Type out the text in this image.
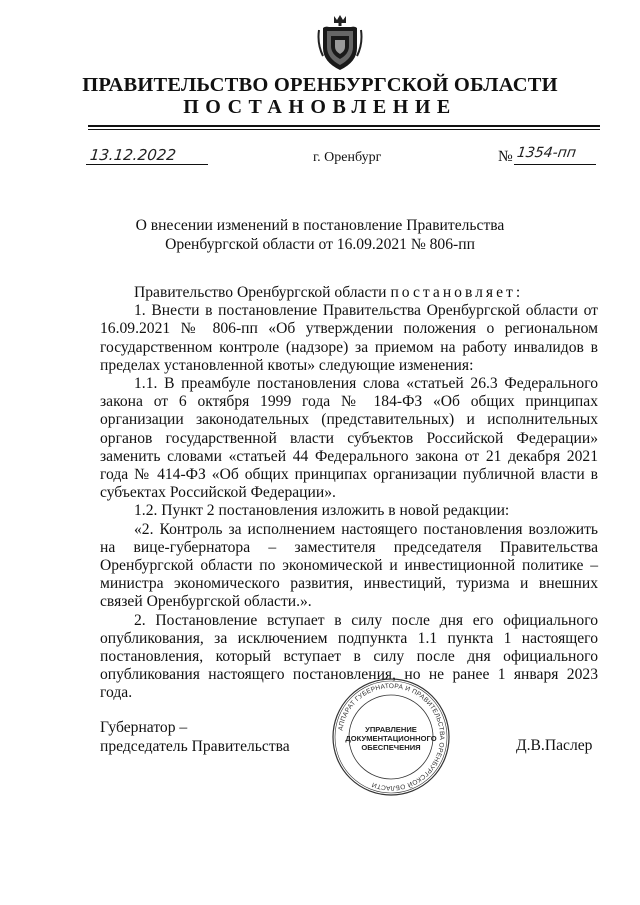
ПРАВИТЕЛЬСТВО ОРЕНБУРГСКОЙ ОБЛАСТИ
ПОСТАНОВЛЕНИЕ
13.12.2022	г. Оренбург	№ 1354-пп
О внесении изменений в постановление Правительства
Оренбургской области от 16.09.2021 № 806-пп

Правительство Оренбургской области постановляет:

1. Внести в постановление Правительства Оренбургской области от 16.09.2021 № 806-пп «Об утверждении положения о региональном государственном контроле (надзоре) за приемом на работу инвалидов в пределах установленной квоты» следующие изменения:

1.1. В преамбуле постановления слова «статьей 26.3 Федерального закона от 6 октября 1999 года № 184-ФЗ «Об общих принципах организации законодательных (представительных) и исполнительных органов государственной власти субъектов Российской Федерации» заменить словами «статьей 44 Федерального закона от 21 декабря 2021 года № 414-ФЗ «Об общих принципах организации публичной власти в субъектах Российской Федерации».

1.2. Пункт 2 постановления изложить в новой редакции:

«2. Контроль за исполнением настоящего постановления возложить на вице-губернатора – заместителя председателя Правительства Оренбургской области по экономической и инвестиционной политике – министра экономического развития, инвестиций, туризма и внешних связей Оренбургской области.».

2. Постановление вступает в силу после дня его официального опубликования, за исключением подпункта 1.1 пункта 1 настоящего постановления, который вступает в силу после дня официального опубликования настоящего постановления, но не ранее 1 января 2023 года.

Губернатор –
председатель Правительства	Д.В.Паслер
АППАРАТ ГУБЕРНАТОРА И ПРАВИТЕЛЬСТВА ОРЕНБУРГСКОЙ ОБЛАСТИ
УПРАВЛЕНИЕ
ДОКУМЕНТАЦИОННОГО
ОБЕСПЕЧЕНИЯ
